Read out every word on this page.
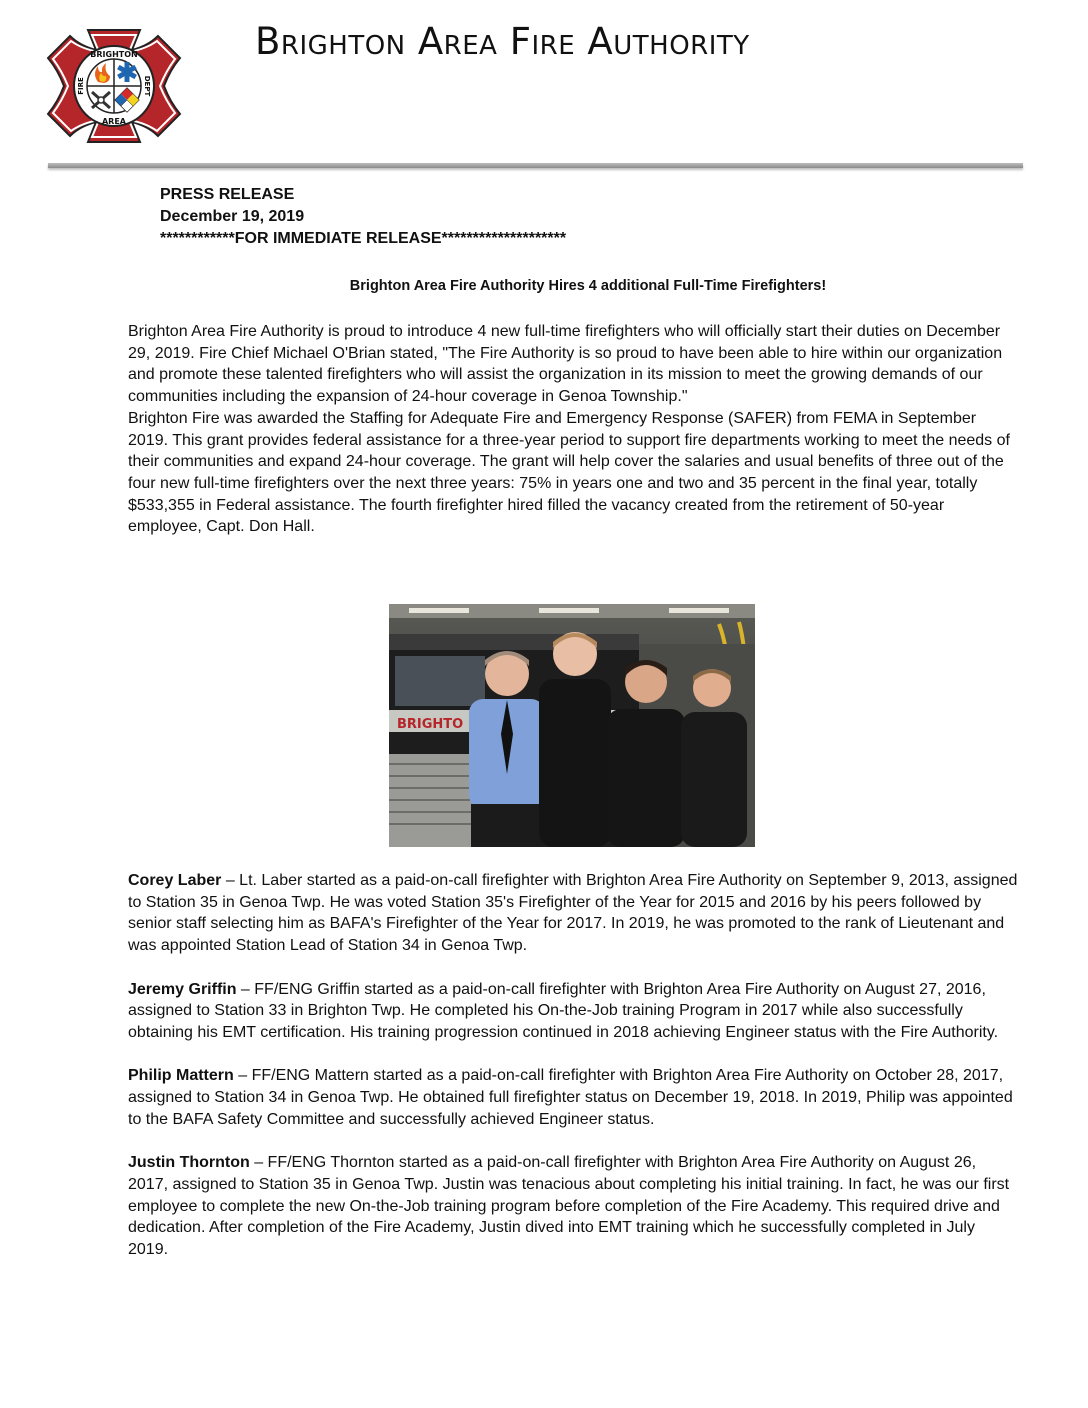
BRIGHTON
AREA
FIRE	DEPT
Brighton Area Fire Authority
PRESS RELEASE
December 19, 2019
************FOR IMMEDIATE RELEASE********************
Brighton Area Fire Authority Hires 4 additional Full-Time Firefighters!

Brighton Area Fire Authority is proud to introduce 4 new full-time firefighters who will officially start their duties on December 29, 2019. Fire Chief Michael O'Brian stated, "The Fire Authority is so proud to have been able to hire within our organization and promote these talented firefighters who will assist the organization in its mission to meet the growing demands of our communities including the expansion of 24-hour coverage in Genoa Township."

Brighton Fire was awarded the Staffing for Adequate Fire and Emergency Response (SAFER) from FEMA in September 2019. This grant provides federal assistance for a three-year period to support fire departments working to meet the needs of their communities and expand 24-hour coverage. The grant will help cover the salaries and usual benefits of three out of the four new full-time firefighters over the next three years: 75% in years one and two and 35 percent in the final year, totally $533,355 in Federal assistance. The fourth firefighter hired filled the vacancy created from the retirement of 50-year employee, Capt. Don Hall.

BRIGHTO

Corey Laber – Lt. Laber started as a paid-on-call firefighter with Brighton Area Fire Authority on September 9, 2013, assigned to Station 35 in Genoa Twp. He was voted Station 35's Firefighter of the Year for 2015 and 2016 by his peers followed by senior staff selecting him as BAFA's Firefighter of the Year for 2017. In 2019, he was promoted to the rank of Lieutenant and was appointed Station Lead of Station 34 in Genoa Twp.

Jeremy Griffin – FF/ENG Griffin started as a paid-on-call firefighter with Brighton Area Fire Authority on August 27, 2016, assigned to Station 33 in Brighton Twp. He completed his On-the-Job training Program in 2017 while also successfully obtaining his EMT certification. His training progression continued in 2018 achieving Engineer status with the Fire Authority.

Philip Mattern – FF/ENG Mattern started as a paid-on-call firefighter with Brighton Area Fire Authority on October 28, 2017, assigned to Station 34 in Genoa Twp. He obtained full firefighter status on December 19, 2018. In 2019, Philip was appointed to the BAFA Safety Committee and successfully achieved Engineer status.

Justin Thornton – FF/ENG Thornton started as a paid-on-call firefighter with Brighton Area Fire Authority on August 26, 2017, assigned to Station 35 in Genoa Twp. Justin was tenacious about completing his initial training. In fact, he was our first employee to complete the new On-the-Job training program before completion of the Fire Academy. This required drive and dedication. After completion of the Fire Academy, Justin dived into EMT training which he successfully completed in July 2019.
